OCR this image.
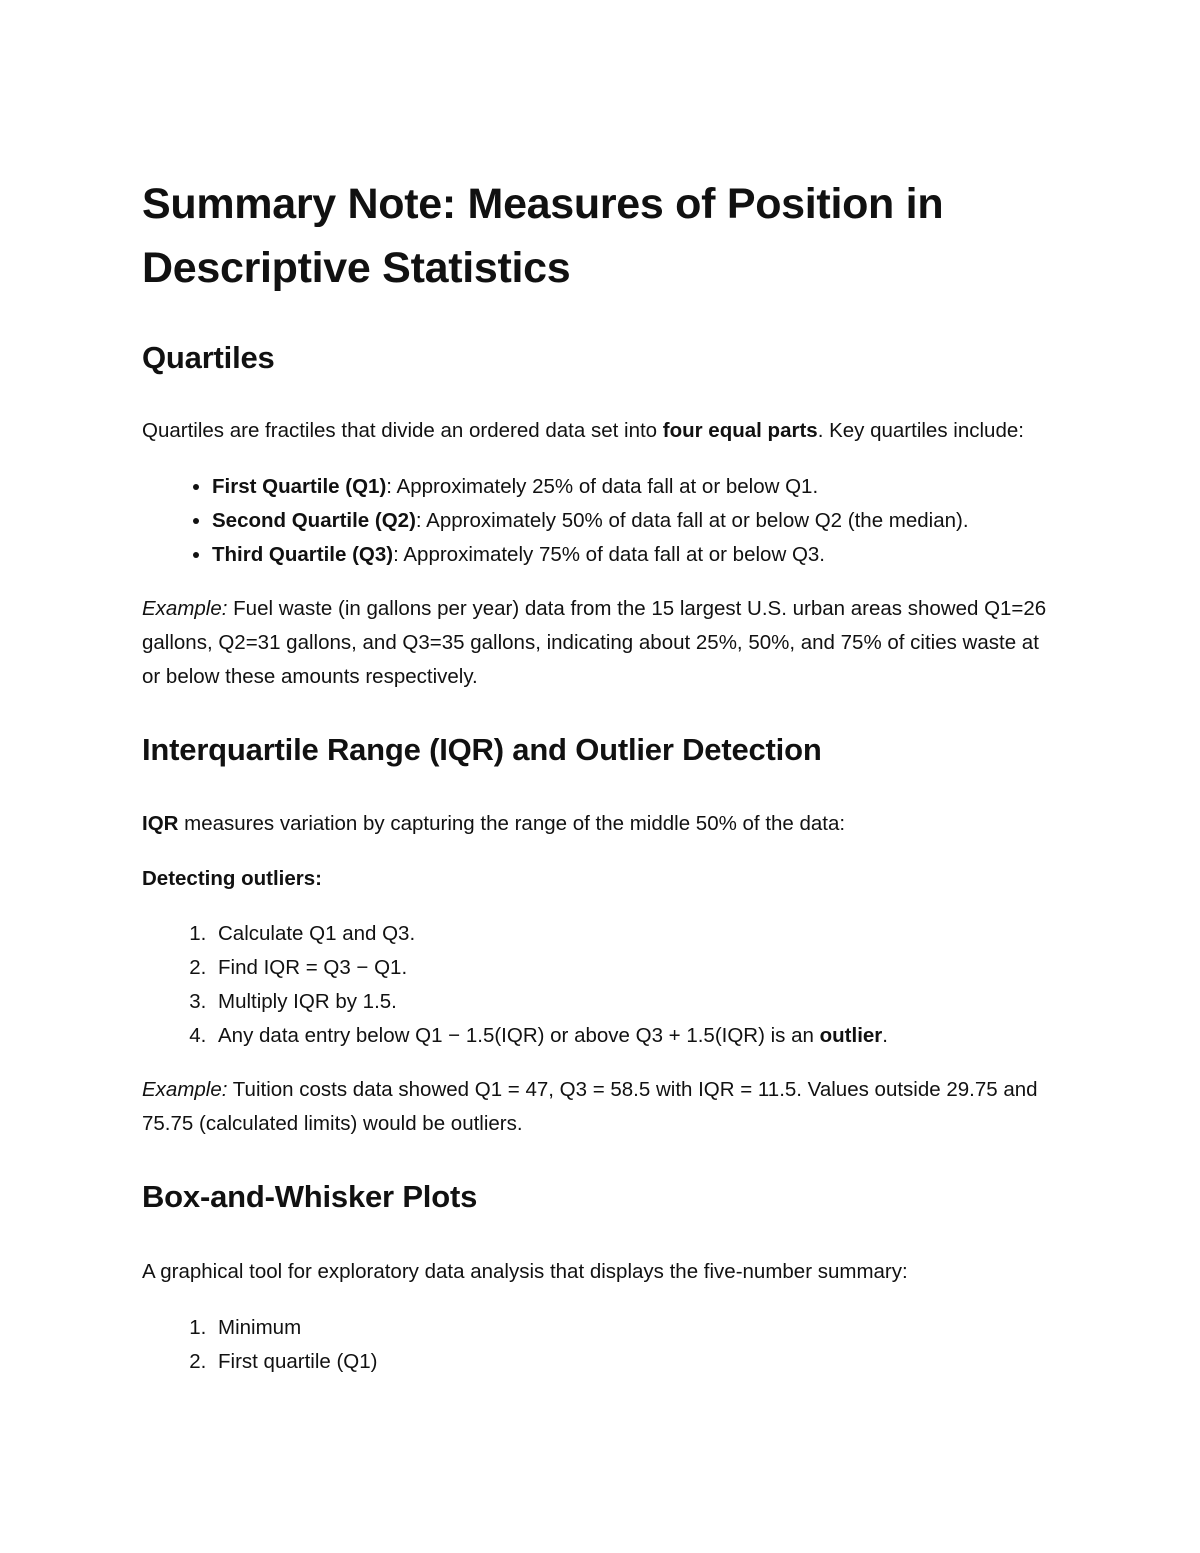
Summary Note: Measures of Position in Descriptive Statistics
Quartiles

Quartiles are fractiles that divide an ordered data set into four equal parts. Key quartiles include:

• First Quartile (Q1): Approximately 25% of data fall at or below Q1.
• Second Quartile (Q2): Approximately 50% of data fall at or below Q2 (the median).
• Third Quartile (Q3): Approximately 75% of data fall at or below Q3.

Example: Fuel waste (in gallons per year) data from the 15 largest U.S. urban areas showed Q1=26 gallons, Q2=31 gallons, and Q3=35 gallons, indicating about 25%, 50%, and 75% of cities waste at or below these amounts respectively.

Interquartile Range (IQR) and Outlier Detection

IQR measures variation by capturing the range of the middle 50% of the data:

Detecting outliers:

1. Calculate Q1 and Q3.
2. Find IQR = Q3 − Q1.
3. Multiply IQR by 1.5.
4. Any data entry below Q1 − 1.5(IQR) or above Q3 + 1.5(IQR) is an outlier.

Example: Tuition costs data showed Q1 = 47, Q3 = 58.5 with IQR = 11.5. Values outside 29.75 and 75.75 (calculated limits) would be outliers.

Box-and-Whisker Plots

A graphical tool for exploratory data analysis that displays the five-number summary:

1. Minimum
2. First quartile (Q1)
